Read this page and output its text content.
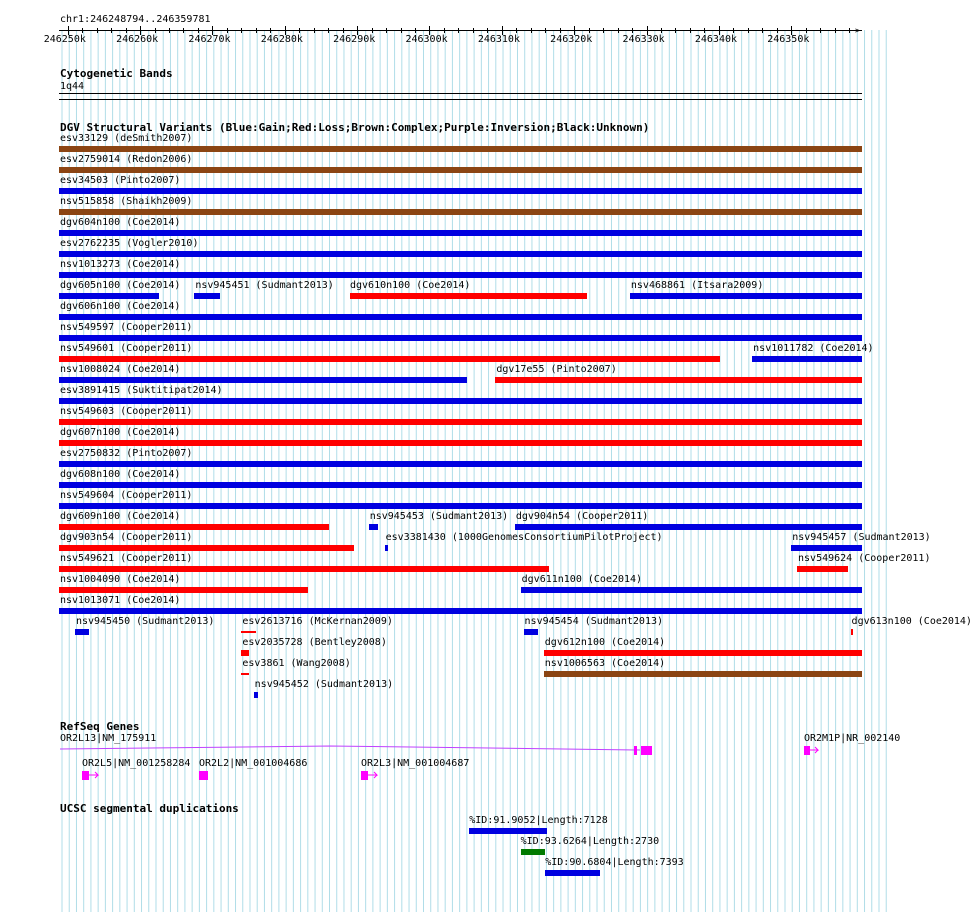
chr1:246248794..246359781
>
246250k	246260k	246270k	246280k	246290k	246300k	246310k	246320k	246330k	246340k	246350k
Cytogenetic Bands
1q44
DGV Structural Variants (Blue:Gain;Red:Loss;Brown:Complex;Purple:Inversion;Black:Unknown)
esv33129 (deSmith2007)
esv2759014 (Redon2006)
esv34503 (Pinto2007)
nsv515858 (Shaikh2009)
dgv604n100 (Coe2014)
esv2762235 (Vogler2010)
nsv1013273 (Coe2014)
dgv605n100 (Coe2014) nsv945451 (Sudmant2013) dgv610n100 (Coe2014)	nsv468861 (Itsara2009)
dgv606n100 (Coe2014)
nsv549597 (Cooper2011)
nsv549601 (Cooper2011)	nsv1011782 (Coe2014)
nsv1008024 (Coe2014)	dgv17e55 (Pinto2007)
esv3891415 (Suktitipat2014)
nsv549603 (Cooper2011)
dgv607n100 (Coe2014)
esv2750832 (Pinto2007)
dgv608n100 (Coe2014)
nsv549604 (Cooper2011)
dgv609n100 (Coe2014)	nsv945453 (Sudmant2013) dgv904n54 (Cooper2011)
dgv903n54 (Cooper2011)	esv3381430 (1000GenomesConsortiumPilotProject)	nsv945457 (Sudmant2013)
nsv549621 (Cooper2011)	nsv549624 (Cooper2011)
nsv1004090 (Coe2014)	dgv611n100 (Coe2014)
nsv1013071 (Coe2014)
nsv945450 (Sudmant2013)	esv2613716 (McKernan2009)	nsv945454 (Sudmant2013)
dgv612n100 (Coe2014)
esv2035728 (Bentley2008)
nsv1006563 (Coe2014)
esv3861 (Wang2008)
nsv945452 (Sudmant2013)
dgv613n100 (Coe2014)
RefSeq Genes
OR2L13|NM_175911	OR2M1P|NR_002140
OR2L5|NM_001258284 OR2L2|NM_001004686	OR2L3|NM_001004687
UCSC segmental duplications
%ID:91.9052|Length:7128
%ID:93.6264|Length:2730
%ID:90.6804|Length:7393
